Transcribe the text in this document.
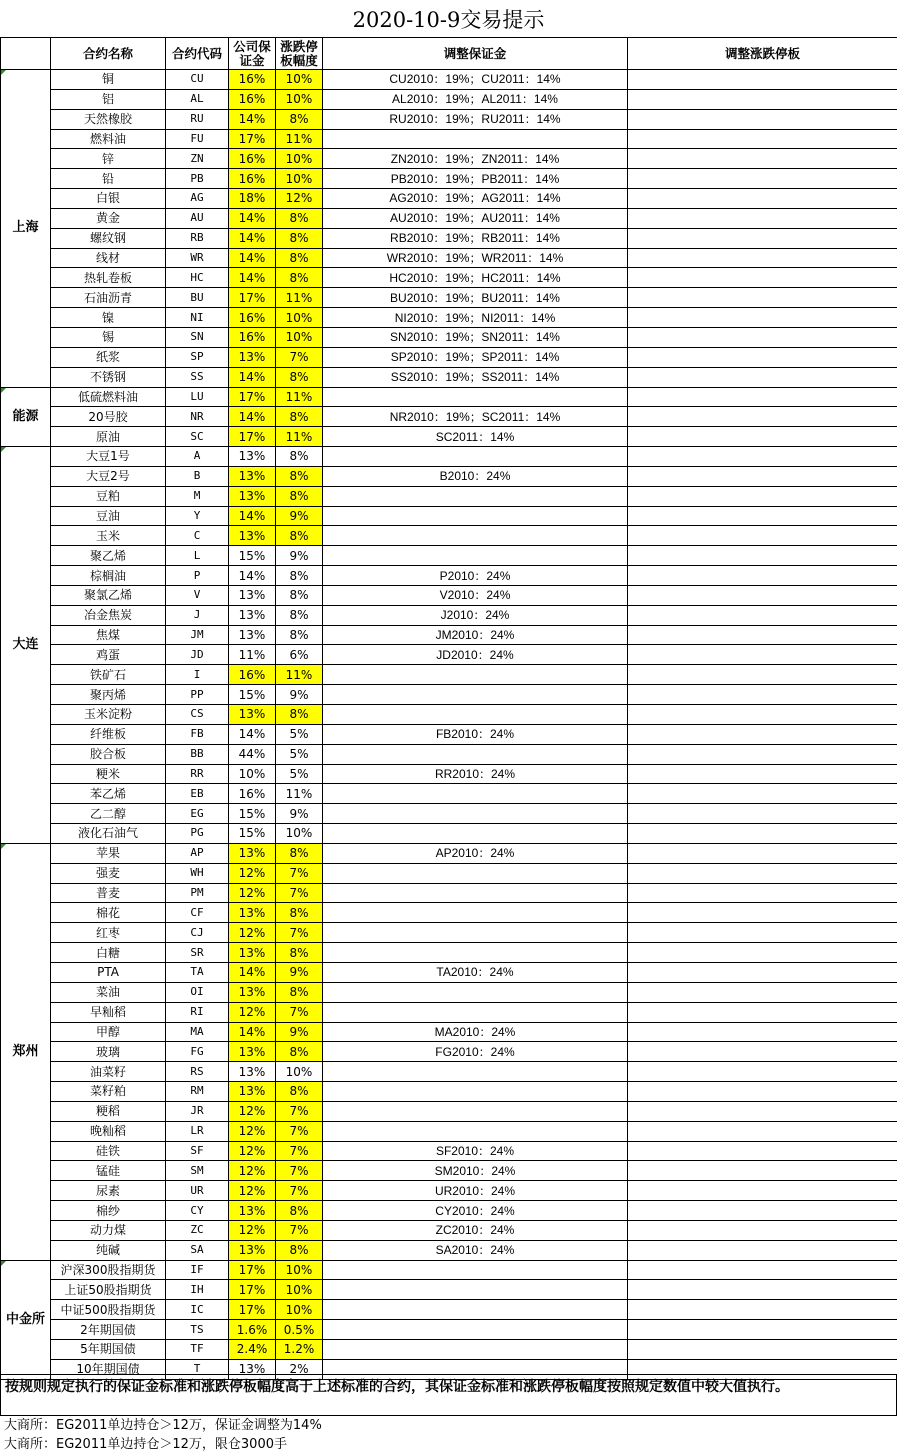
2020-10-9交易提示
	合约名称	合约代码	公司保证金	涨跌停板幅度	调整保证金	调整涨跌停板

上海	铜	CU	16%	10%	CU2010：19%；CU2011：14%	
	铝	AL	16%	10%	AL2010：19%；AL2011：14%	
	天然橡胶	RU	14%	8%	RU2010：19%；RU2011：14%	
	燃料油	FU	17%	11%		
	锌	ZN	16%	10%	ZN2010：19%；ZN2011：14%	
	铅	PB	16%	10%	PB2010：19%；PB2011：14%	
	白银	AG	18%	12%	AG2010：19%；AG2011：14%	
	黄金	AU	14%	8%	AU2010：19%；AU2011：14%	
	螺纹钢	RB	14%	8%	RB2010：19%；RB2011：14%	
	线材	WR	14%	8%	WR2010：19%；WR2011：14%	
	热轧卷板	HC	14%	8%	HC2010：19%；HC2011：14%	
	石油沥青	BU	17%	11%	BU2010：19%；BU2011：14%	
	镍	NI	16%	10%	NI2010：19%；NI2011：14%	
	锡	SN	16%	10%	SN2010：19%；SN2011：14%	
	纸浆	SP	13%	7%	SP2010：19%；SP2011：14%	
	不锈钢	SS	14%	8%	SS2010：19%；SS2011：14%	

能源	低硫燃料油	LU	17%	11%		
	20号胶	NR	14%	8%	NR2010：19%；SC2011：14%	
	原油	SC	17%	11%	SC2011：14%	

大连	大豆1号	A	13%	8%		
	大豆2号	B	13%	8%	B2010：24%	
	豆粕	M	13%	8%		
	豆油	Y	14%	9%		
	玉米	C	13%	8%		
	聚乙烯	L	15%	9%		
	棕榈油	P	14%	8%	P2010：24%	
	聚氯乙烯	V	13%	8%	V2010：24%	
	冶金焦炭	J	13%	8%	J2010：24%	
	焦煤	JM	13%	8%	JM2010：24%	
	鸡蛋	JD	11%	6%	JD2010：24%	
	铁矿石	I	16%	11%		
	聚丙烯	PP	15%	9%		
	玉米淀粉	CS	13%	8%		
	纤维板	FB	14%	5%	FB2010：24%	
	胶合板	BB	44%	5%		
	粳米	RR	10%	5%	RR2010：24%	
	苯乙烯	EB	16%	11%		
	乙二醇	EG	15%	9%		
	液化石油气	PG	15%	10%		

郑州	苹果	AP	13%	8%	AP2010：24%	
	强麦	WH	12%	7%		
	普麦	PM	12%	7%		
	棉花	CF	13%	8%		
	红枣	CJ	12%	7%		
	白糖	SR	13%	8%		
	PTA	TA	14%	9%	TA2010：24%	
	菜油	OI	13%	8%		
	早籼稻	RI	12%	7%		
	甲醇	MA	14%	9%	MA2010：24%	
	玻璃	FG	13%	8%	FG2010：24%	
	油菜籽	RS	13%	10%		
	菜籽粕	RM	13%	8%		
	粳稻	JR	12%	7%		
	晚籼稻	LR	12%	7%		
	硅铁	SF	12%	7%	SF2010：24%	
	锰硅	SM	12%	7%	SM2010：24%	
	尿素	UR	12%	7%	UR2010：24%	
	棉纱	CY	13%	8%	CY2010：24%	
	动力煤	ZC	12%	7%	ZC2010：24%	
	纯碱	SA	13%	8%	SA2010：24%	

中金所	沪深300股指期货	IF	17%	10%		
	上证50股指期货	IH	17%	10%		
	中证500股指期货	IC	17%	10%		
	2年期国债	TS	1.6%	0.5%		
	5年期国债	TF	2.4%	1.2%		
	10年期国债	T	13%	2%		
按规则规定执行的保证金标准和涨跌停板幅度高于上述标准的合约，其保证金标准和涨跌停板幅度按照规定数值中较大值执行。
大商所：EG2011单边持仓＞12万，保证金调整为14%
大商所：EG2011单边持仓＞12万，限仓3000手
